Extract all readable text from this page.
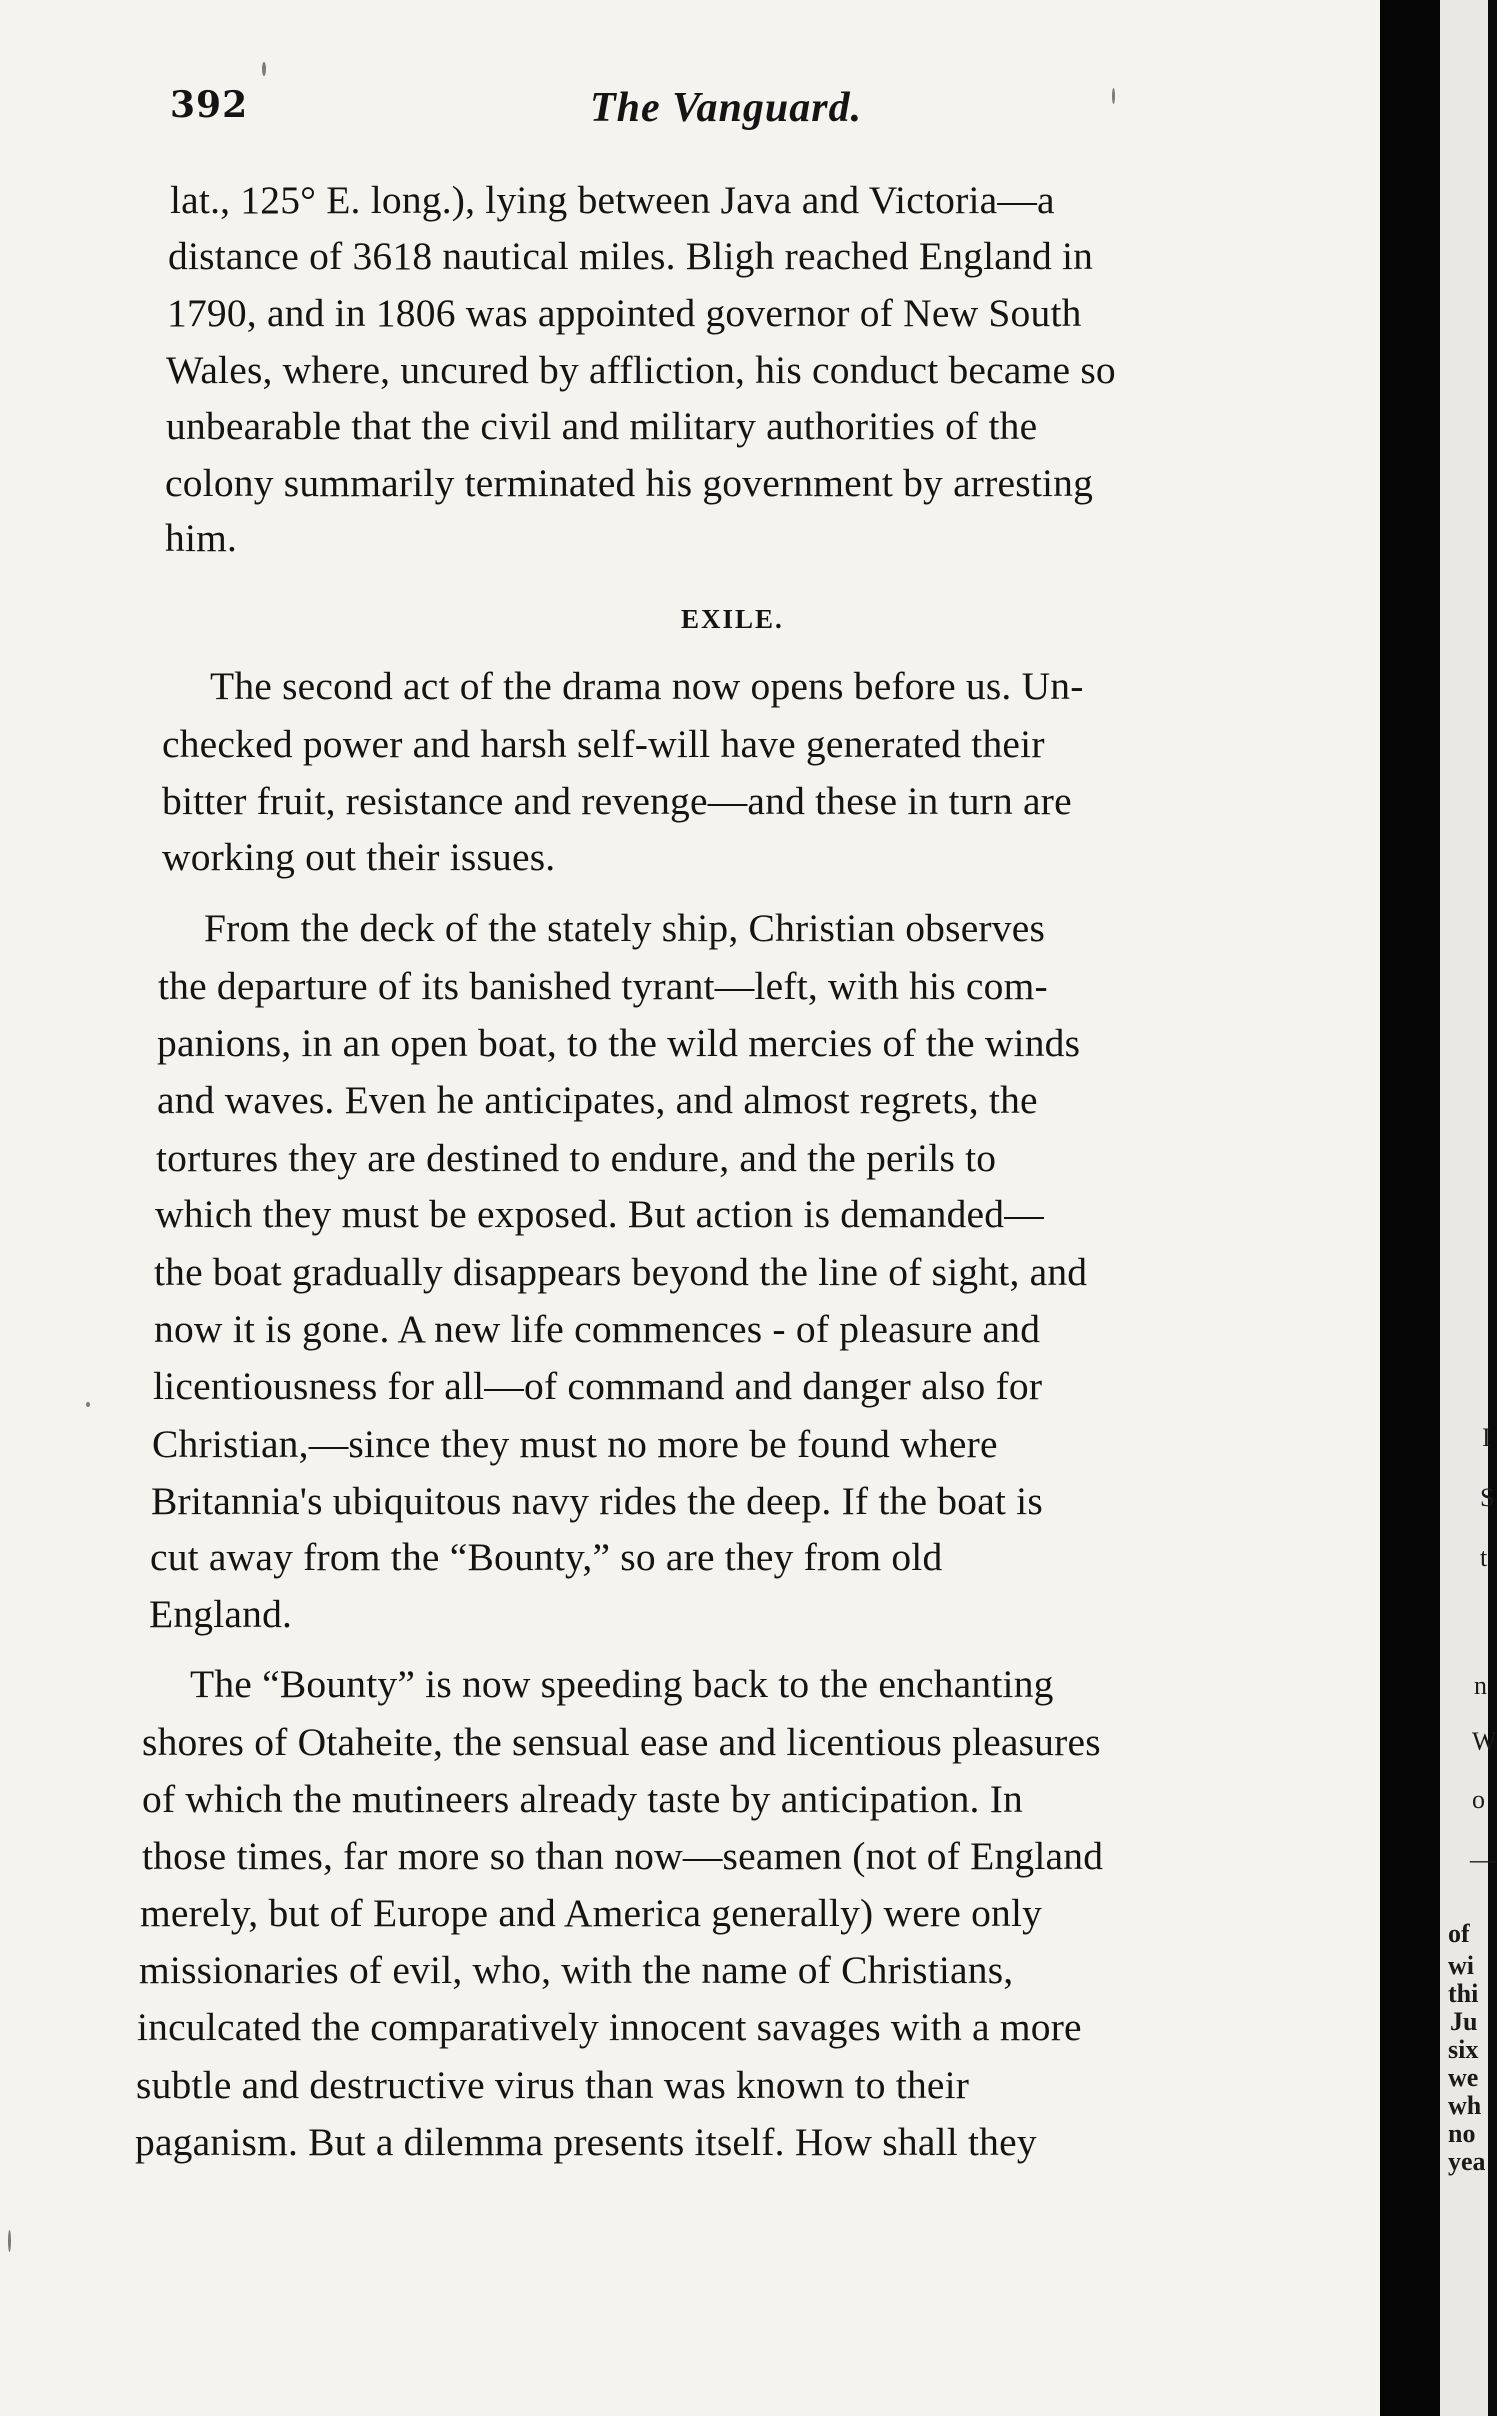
392	The Vanguard.
lat., 125° E. long.), lying between Java and Victoria—a
distance of 3618 nautical miles. Bligh reached England in
1790, and in 1806 was appointed governor of New South
Wales, where, uncured by affliction, his conduct became so
unbearable that the civil and military authorities of the
colony summarily terminated his government by arresting
him.
EXILE.
The second act of the drama now opens before us. Un-
checked power and harsh self-will have generated their
bitter fruit, resistance and revenge—and these in turn are
working out their issues.
From the deck of the stately ship, Christian observes
the departure of its banished tyrant—left, with his com-
panions, in an open boat, to the wild mercies of the winds
and waves. Even he anticipates, and almost regrets, the
tortures they are destined to endure, and the perils to
which they must be exposed. But action is demanded—
the boat gradually disappears beyond the line of sight, and
now it is gone. A new life commences - of pleasure and
licentiousness for all—of command and danger also for
Christian,—since they must no more be found where
Britannia's ubiquitous navy rides the deep. If the boat is
cut away from the “Bounty,” so are they from old
England.
The “Bounty” is now speeding back to the enchanting
shores of Otaheite, the sensual ease and licentious pleasures
of which the mutineers already taste by anticipation. In
those times, far more so than now—seamen (not of England
merely, but of Europe and America generally) were only
missionaries of evil, who, with the name of Christians,
inculcated the comparatively innocent savages with a more
subtle and destructive virus than was known to their
paganism. But a dilemma presents itself. How shall they
I
S
t
n
W
o
—
of
wi
thi
Ju
six
we
wh
no
yea
